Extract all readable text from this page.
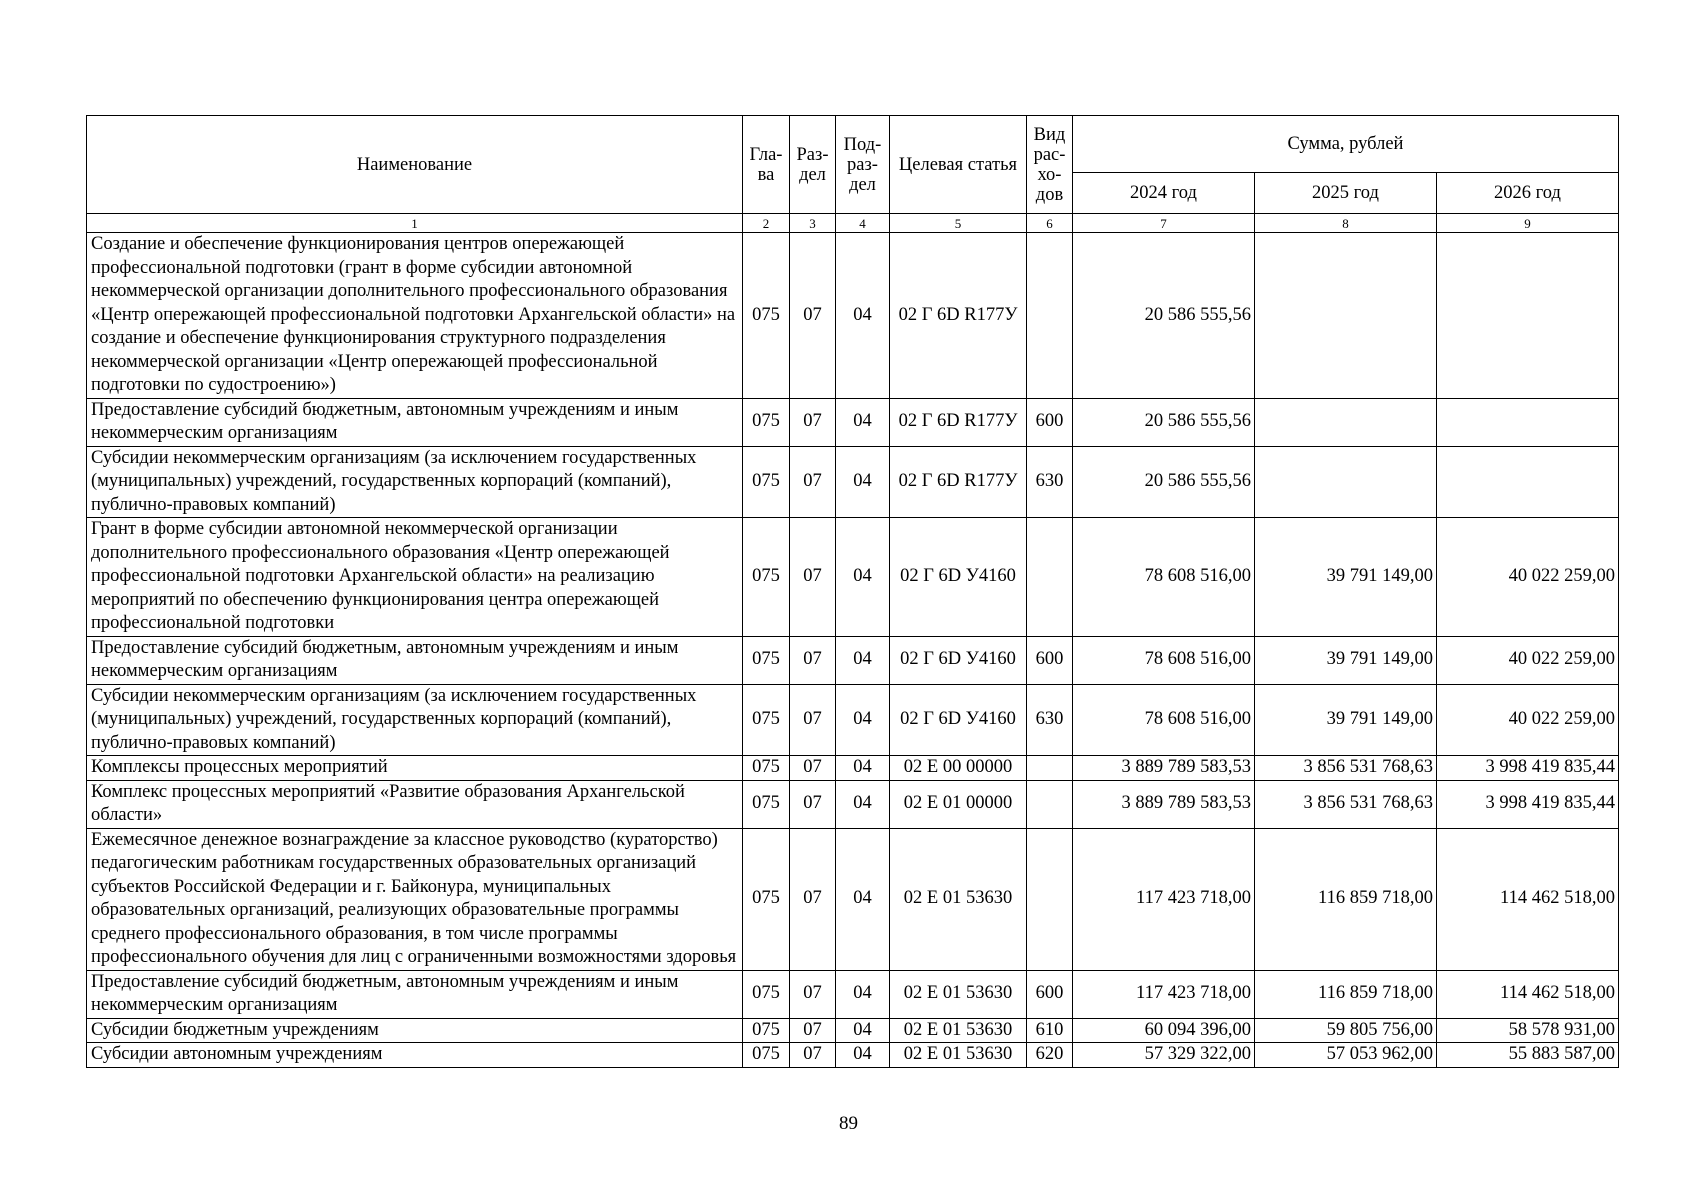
Наименование	Гла-ва	Раз-дел	Под-раз-дел	Целевая статья	Вид рас-хо-дов	Сумма, рублей		
						2024 год	2025 год	2026 год
1	2	3	4	5	6	7	8	9
Создание и обеспечение функционирования центров опережающей профессиональной подготовки (грант в форме субсидии автономной некоммерческой организации дополнительного профессионального образования «Центр опережающей профессиональной подготовки Архангельской области» на создание и обеспечение функционирования структурного подразделения некоммерческой организации «Центр опережающей профессиональной подготовки по судостроению»)	075	07	04	02 Г 6D R177У		20 586 555,56		
Предоставление субсидий бюджетным, автономным учреждениям и иным некоммерческим организациям	075	07	04	02 Г 6D R177У	600	20 586 555,56		
Субсидии некоммерческим организациям (за исключением государственных (муниципальных) учреждений, государственных корпораций (компаний), публично-правовых компаний)	075	07	04	02 Г 6D R177У	630	20 586 555,56		
Грант в форме субсидии автономной некоммерческой организации дополнительного профессионального образования «Центр опережающей профессиональной подготовки Архангельской области» на реализацию мероприятий по обеспечению функционирования центра опережающей профессиональной подготовки	075	07	04	02 Г 6D У4160		78 608 516,00	39 791 149,00	40 022 259,00
Предоставление субсидий бюджетным, автономным учреждениям и иным некоммерческим организациям	075	07	04	02 Г 6D У4160	600	78 608 516,00	39 791 149,00	40 022 259,00
Субсидии некоммерческим организациям (за исключением государственных (муниципальных) учреждений, государственных корпораций (компаний), публично-правовых компаний)	075	07	04	02 Г 6D У4160	630	78 608 516,00	39 791 149,00	40 022 259,00
Комплексы процессных мероприятий	075	07	04	02 Е 00 00000		3 889 789 583,53	3 856 531 768,63	3 998 419 835,44
Комплекс процессных мероприятий «Развитие образования Архангельской области»	075	07	04	02 Е 01 00000		3 889 789 583,53	3 856 531 768,63	3 998 419 835,44
Ежемесячное денежное вознаграждение за классное руководство (кураторство) педагогическим работникам государственных образовательных организаций субъектов Российской Федерации и г. Байконура, муниципальных образовательных организаций, реализующих образовательные программы среднего профессионального образования, в том числе программы профессионального обучения для лиц с ограниченными возможностями здоровья	075	07	04	02 Е 01 53630		117 423 718,00	116 859 718,00	114 462 518,00
Предоставление субсидий бюджетным, автономным учреждениям и иным некоммерческим организациям	075	07	04	02 Е 01 53630	600	117 423 718,00	116 859 718,00	114 462 518,00
Субсидии бюджетным учреждениям	075	07	04	02 Е 01 53630	610	60 094 396,00	59 805 756,00	58 578 931,00
Субсидии автономным учреждениям	075	07	04	02 Е 01 53630	620	57 329 322,00	57 053 962,00	55 883 587,00
89
